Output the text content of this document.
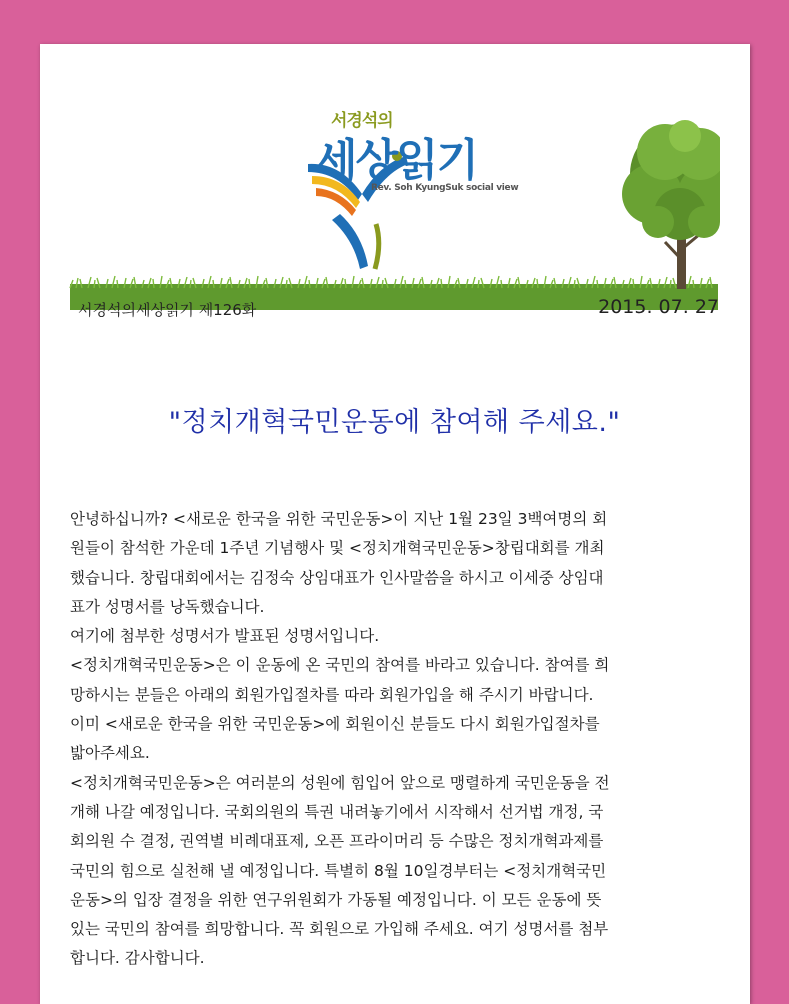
서경석의
세상읽기
Rev. Soh KyungSuk social view
서경석의세상읽기 제126화	2015. 07. 27
"정치개혁국민운동에 참여해 주세요."

안녕하십니까? <새로운 한국을 위한 국민운동>이 지난 1월 23일 3백여명의 회

원들이 참석한 가운데 1주년 기념행사 및 <정치개혁국민운동>창립대회를 개최

했습니다. 창립대회에서는 김정숙 상임대표가 인사말씀을 하시고 이세중 상임대

표가 성명서를 낭독했습니다.

여기에 첨부한 성명서가 발표된 성명서입니다.

<정치개혁국민운동>은 이 운동에 온 국민의 참여를 바라고 있습니다. 참여를 희

망하시는 분들은 아래의 회원가입절차를 따라 회원가입을 해 주시기 바랍니다.

이미 <새로운 한국을 위한 국민운동>에 회원이신 분들도 다시 회원가입절차를

밟아주세요.

<정치개혁국민운동>은 여러분의 성원에 힘입어 앞으로 맹렬하게 국민운동을 전

개해 나갈 예정입니다. 국회의원의 특권 내려놓기에서 시작해서 선거법 개정, 국

회의원 수 결정, 권역별 비례대표제, 오픈 프라이머리 등 수많은 정치개혁과제를

국민의 힘으로 실천해 낼 예정입니다. 특별히 8월 10일경부터는 <정치개혁국민

운동>의 입장 결정을 위한 연구위원회가 가동될 예정입니다. 이 모든 운동에 뜻

있는 국민의 참여를 희망합니다. 꼭 회원으로 가입해 주세요. 여기 성명서를 첨부

합니다. 감사합니다.
